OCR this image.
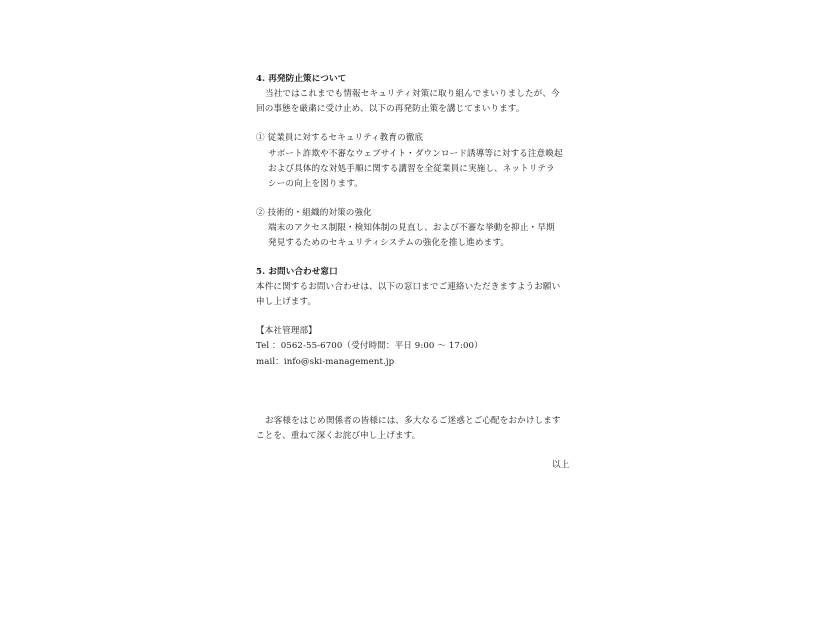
4. 再発防止策について
当社ではこれまでも情報セキュリティ対策に取り組んでまいりましたが、今
回の事態を厳粛に受け止め、以下の再発防止策を講じてまいります。
① 従業員に対するセキュリティ教育の徹底
サポート詐欺や不審なウェブサイト・ダウンロード誘導等に対する注意喚起
および具体的な対処手順に関する講習を全従業員に実施し、ネットリテラ
シーの向上を図ります。
② 技術的・組織的対策の強化
端末のアクセス制限・検知体制の見直し、および不審な挙動を抑止・早期
発見するためのセキュリティシステムの強化を推し進めます。
5. お問い合わせ窓口
本件に関するお問い合わせは、以下の窓口までご連絡いただきますようお願い
申し上げます。
【本社管理部】
Tel ：0562-55-6700（受付時間：平日 9:00 ～ 17:00）
mail：info@ski-management.jp
お客様をはじめ関係者の皆様には、多大なるご迷惑とご心配をおかけします
ことを、重ねて深くお詫び申し上げます。
以上
